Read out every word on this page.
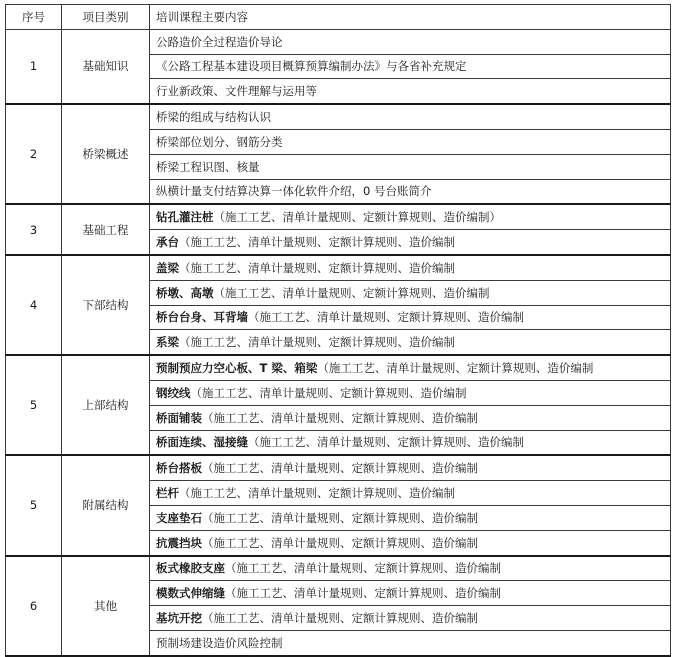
序号	项目类别	培训课程主要内容
1	基础知识	公路造价全过程造价导论
		《公路工程基本建设项目概算预算编制办法》与各省补充规定
		行业新政策、文件理解与运用等
2	桥梁概述	桥梁的组成与结构认识
		桥梁部位划分、钢筋分类
		桥梁工程识图、核量
		纵横计量支付结算决算一体化软件介绍，0 号台账简介
3	基础工程	钻孔灌注桩（施工工艺、清单计量规则、定额计算规则、造价编制）
		承台（施工工艺、清单计量规则、定额计算规则、造价编制
4	下部结构	盖梁（施工工艺、清单计量规则、定额计算规则、造价编制
		桥墩、高墩（施工工艺、清单计量规则、定额计算规则、造价编制
		桥台台身、耳背墙（施工工艺、清单计量规则、定额计算规则、造价编制
		系梁（施工工艺、清单计量规则、定额计算规则、造价编制
5	上部结构	预制预应力空心板、T 梁、箱梁（施工工艺、清单计量规则、定额计算规则、造价编制
		钢绞线（施工工艺、清单计量规则、定额计算规则、造价编制
		桥面铺装（施工工艺、清单计量规则、定额计算规则、造价编制
		桥面连续、湿接缝（施工工艺、清单计量规则、定额计算规则、造价编制
5	附属结构	桥台搭板（施工工艺、清单计量规则、定额计算规则、造价编制
		栏杆（施工工艺、清单计量规则、定额计算规则、造价编制
		支座垫石（施工工艺、清单计量规则、定额计算规则、造价编制
		抗震挡块（施工工艺、清单计量规则、定额计算规则、造价编制
6	其他	板式橡胶支座（施工工艺、清单计量规则、定额计算规则、造价编制
		模数式伸缩缝（施工工艺、清单计量规则、定额计算规则、造价编制
		基坑开挖（施工工艺、清单计量规则、定额计算规则、造价编制
		预制场建设造价风险控制
